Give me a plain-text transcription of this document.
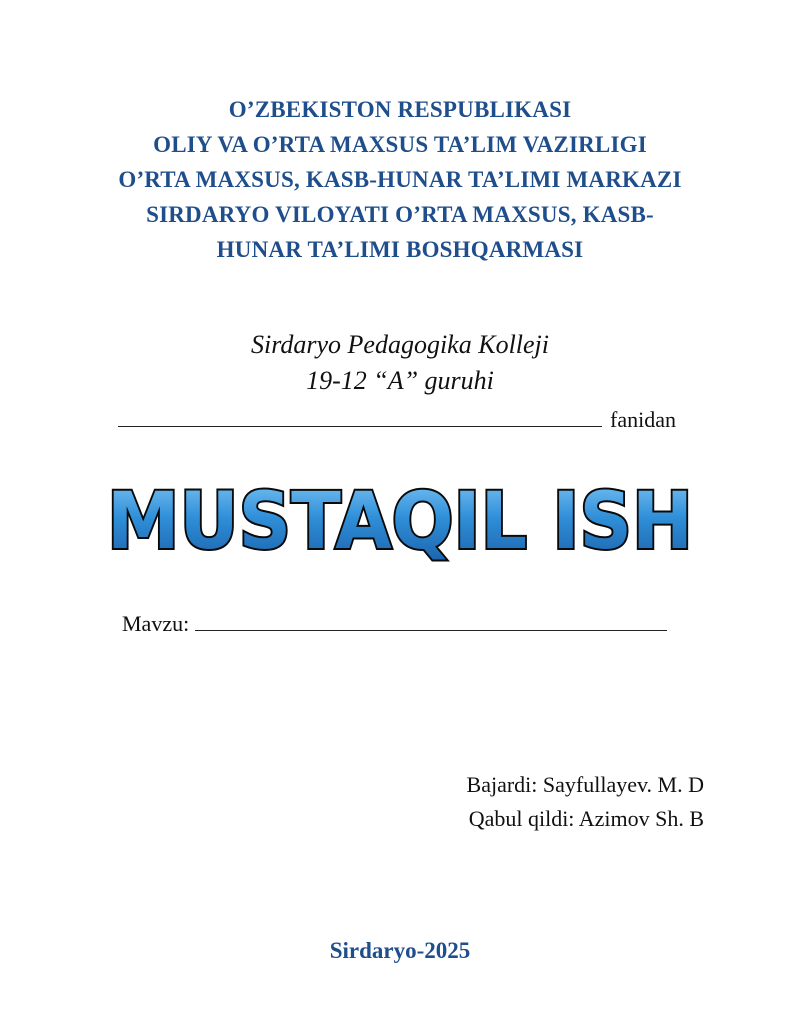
O’ZBEKISTON RESPUBLIKASI
OLIY VA O’RTA MAXSUS TA’LIM VAZIRLIGI
O’RTA MAXSUS, KASB-HUNAR TA’LIMI MARKAZI
SIRDARYO VILOYATI O’RTA MAXSUS, KASB-
HUNAR TA’LIMI BOSHQARMASI
Sirdaryo Pedagogika Kolleji
19-12 “A” guruhi
fanidan
MUSTAQIL ISH
Mavzu:
Bajardi: Sayfullayev. M. D
Qabul qildi: Azimov Sh. B
Sirdaryo-2025
